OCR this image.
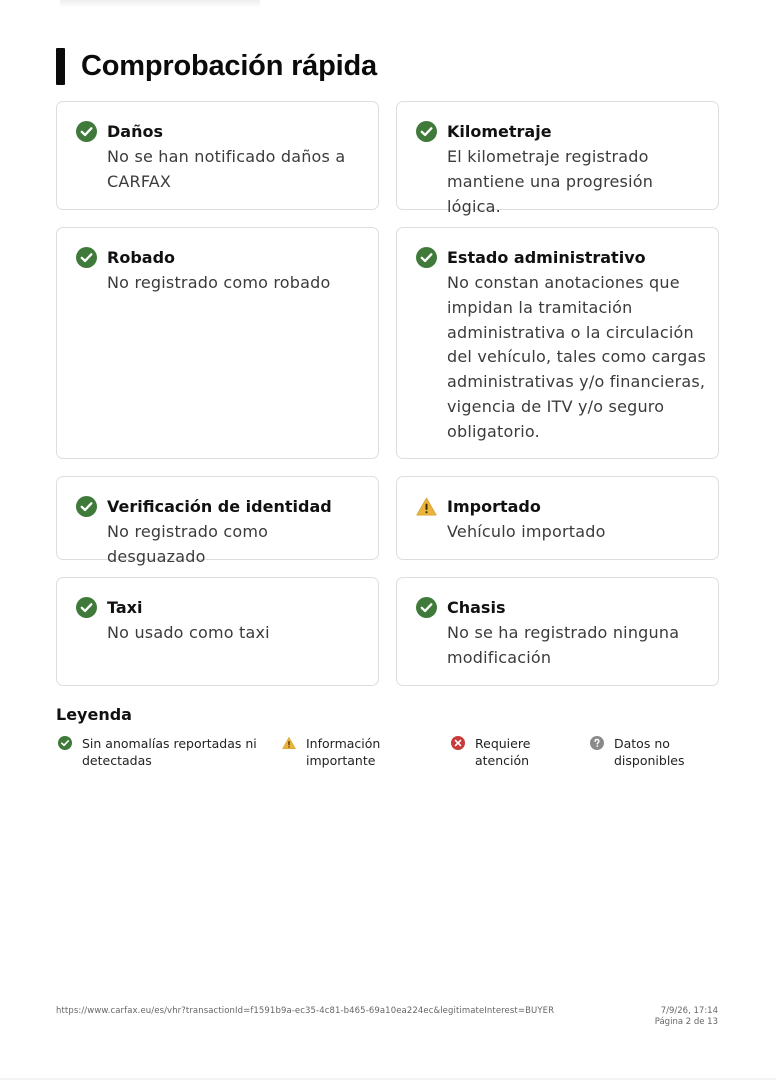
Comprobación rápida
Daños
No se han notificado daños a CARFAX
Kilometraje
El kilometraje registrado mantiene una progresión lógica.
Robado
No registrado como robado
Estado administrativo
No constan anotaciones que impidan la tramitación administrativa o la circulación del vehículo, tales como cargas administrativas y/o financieras, vigencia de ITV y/o seguro obligatorio.
Verificación de identidad
No registrado como desguazado
Importado
Vehículo importado
Taxi
No usado como taxi
Chasis
No se ha registrado ninguna modificación
Leyenda
Sin anomalías reportadas ni detectadas
Información importante
Requiere atención
Datos no disponibles
https://www.carfax.eu/es/vhr?transactionId=f1591b9a-ec35-4c81-b465-69a10ea224ec&legitimateInterest=BUYER	7/9/26, 17:14
Página 2 de 13
